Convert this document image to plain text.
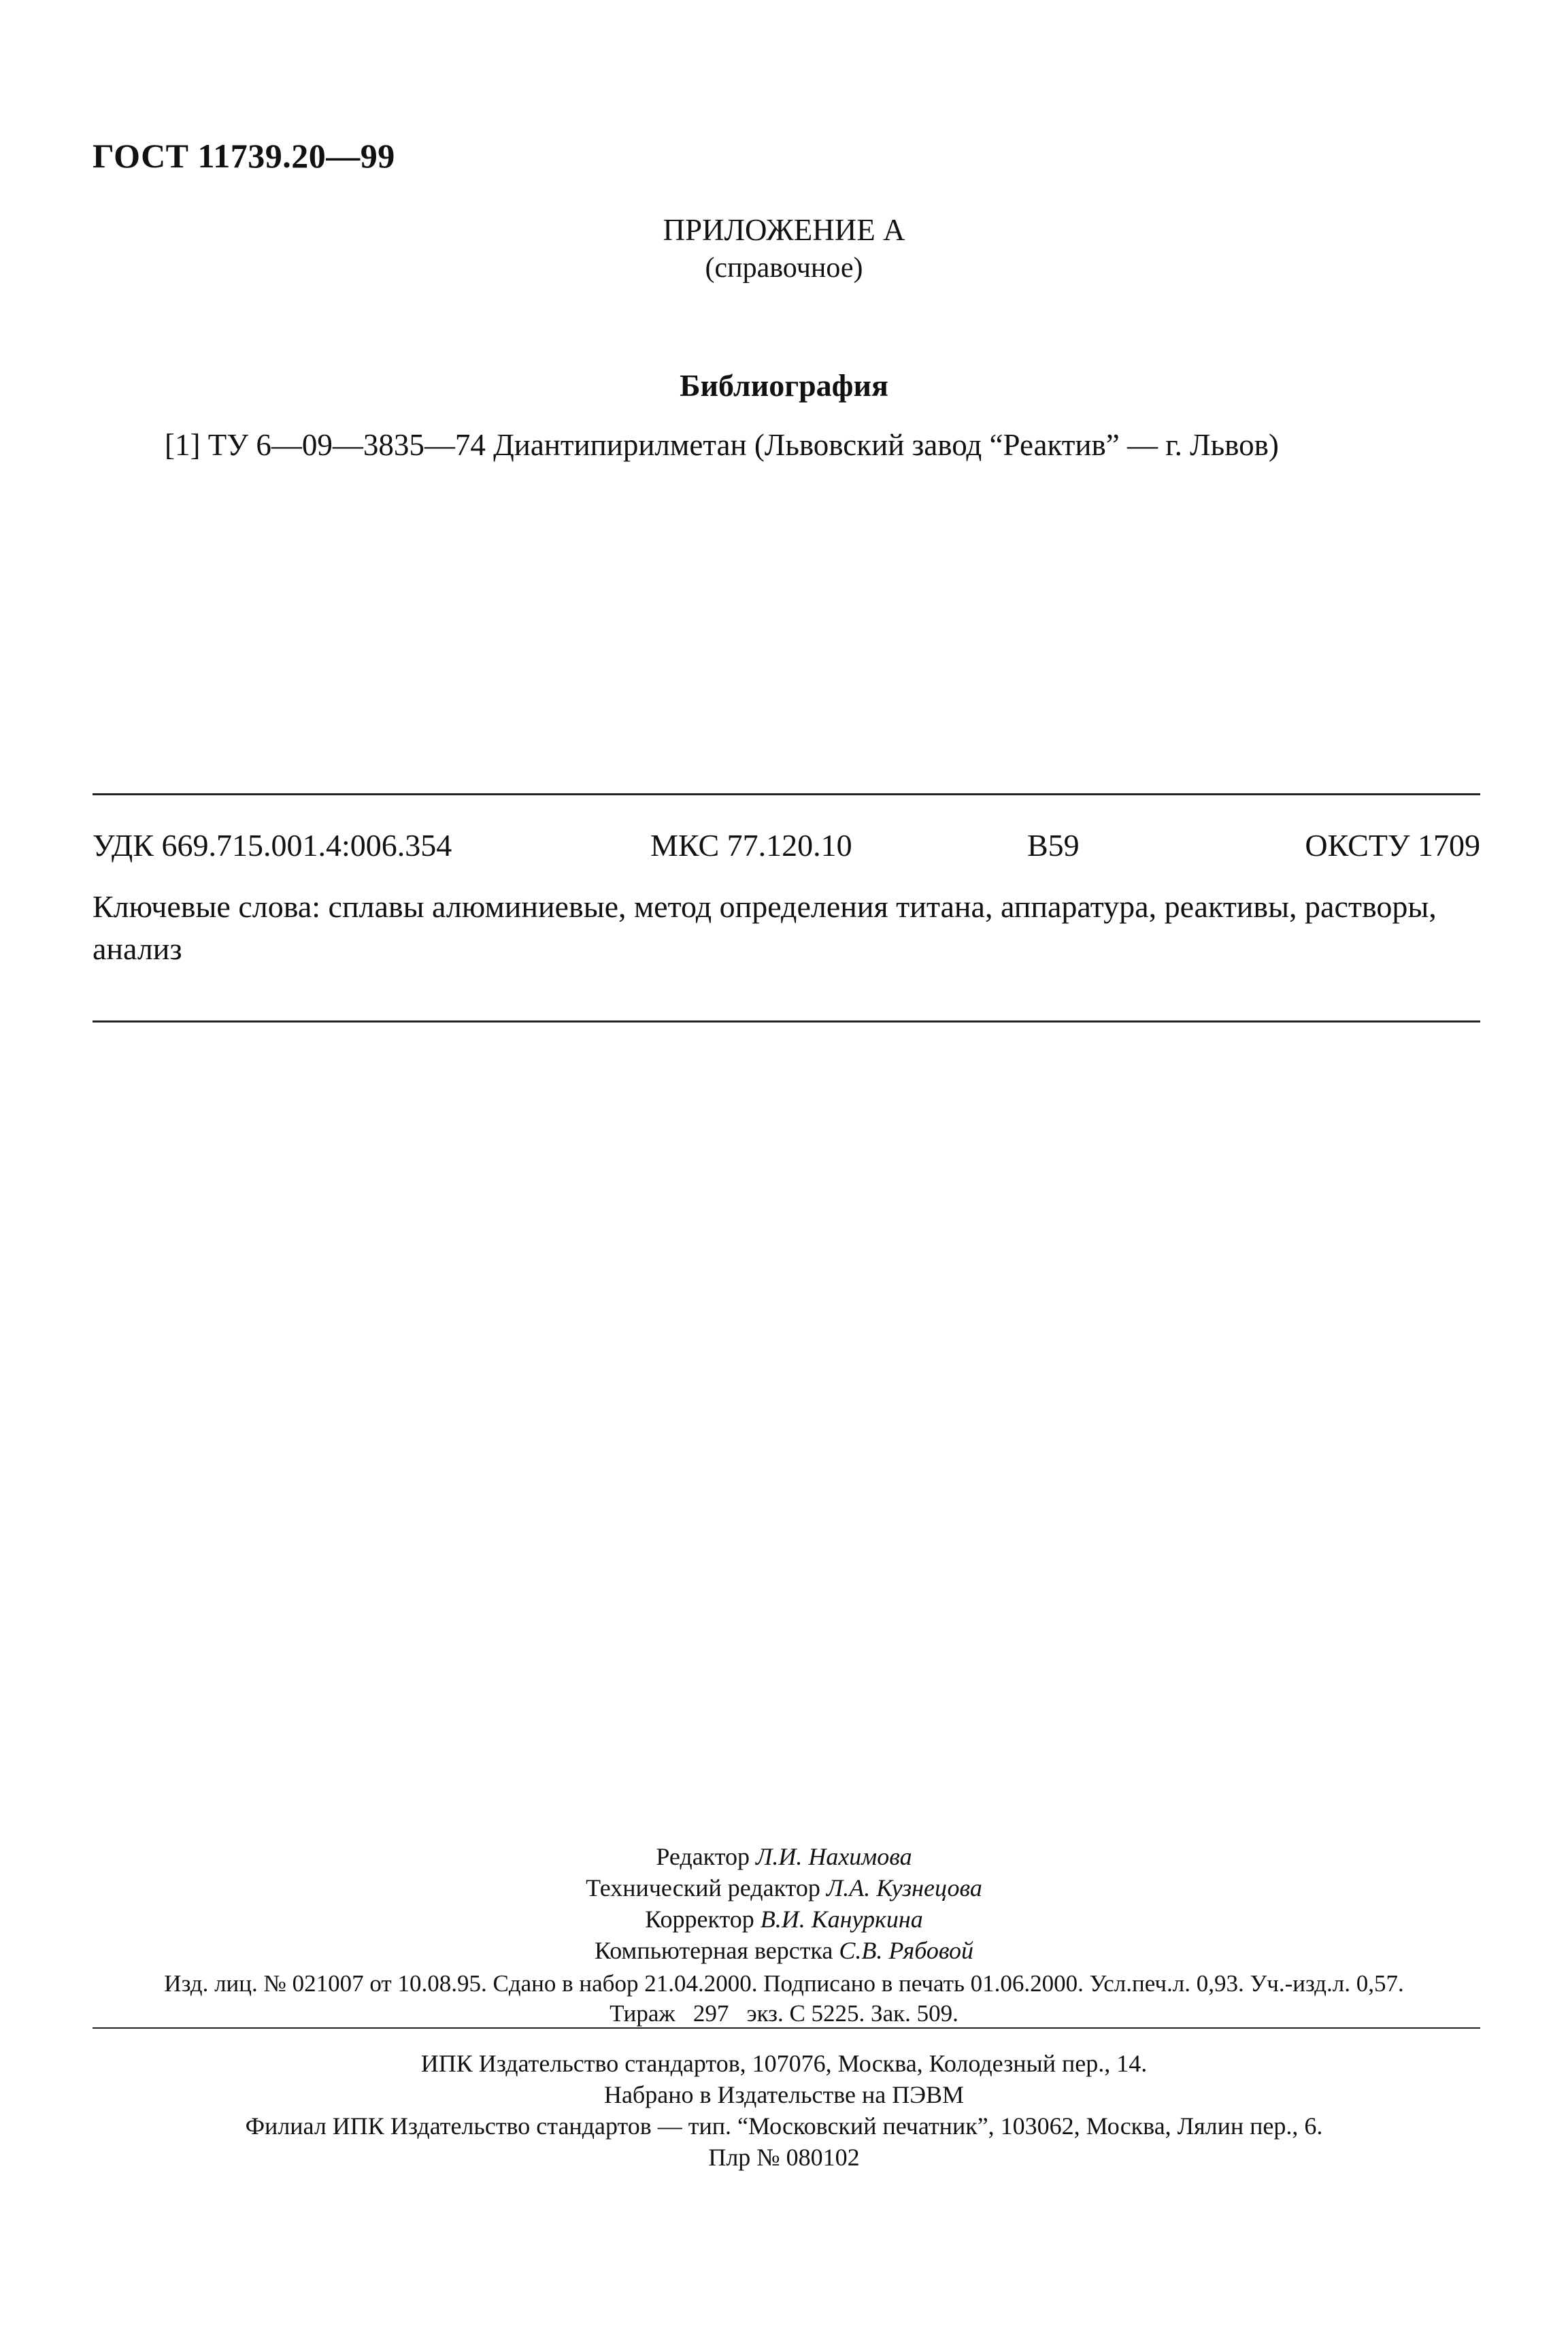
ГОСТ 11739.20—99
ПРИЛОЖЕНИЕ А
(справочное)
Библиография
[1] ТУ 6—09—3835—74 Диантипирилметан (Львовский завод “Реактив” — г. Львов)
УДК 669.715.001.4:006.354	МКС 77.120.10	В59	ОКСТУ 1709
Ключевые слова: сплавы алюминиевые, метод определения титана, аппаратура, реактивы, растворы, анализ
Редактор Л.И. Нахимова
Технический редактор Л.А. Кузнецова
Корректор В.И. Кануркина
Компьютерная верстка С.В. Рябовой
Изд. лиц. № 021007 от 10.08.95. Сдано в набор 21.04.2000. Подписано в печать 01.06.2000. Усл.печ.л. 0,93. Уч.-изд.л. 0,57.
Тираж   297   экз. С 5225. Зак. 509.
ИПК Издательство стандартов, 107076, Москва, Колодезный пер., 14.
Набрано в Издательстве на ПЭВМ
Филиал ИПК Издательство стандартов — тип. “Московский печатник”, 103062, Москва, Лялин пер., 6.
Плр № 080102
